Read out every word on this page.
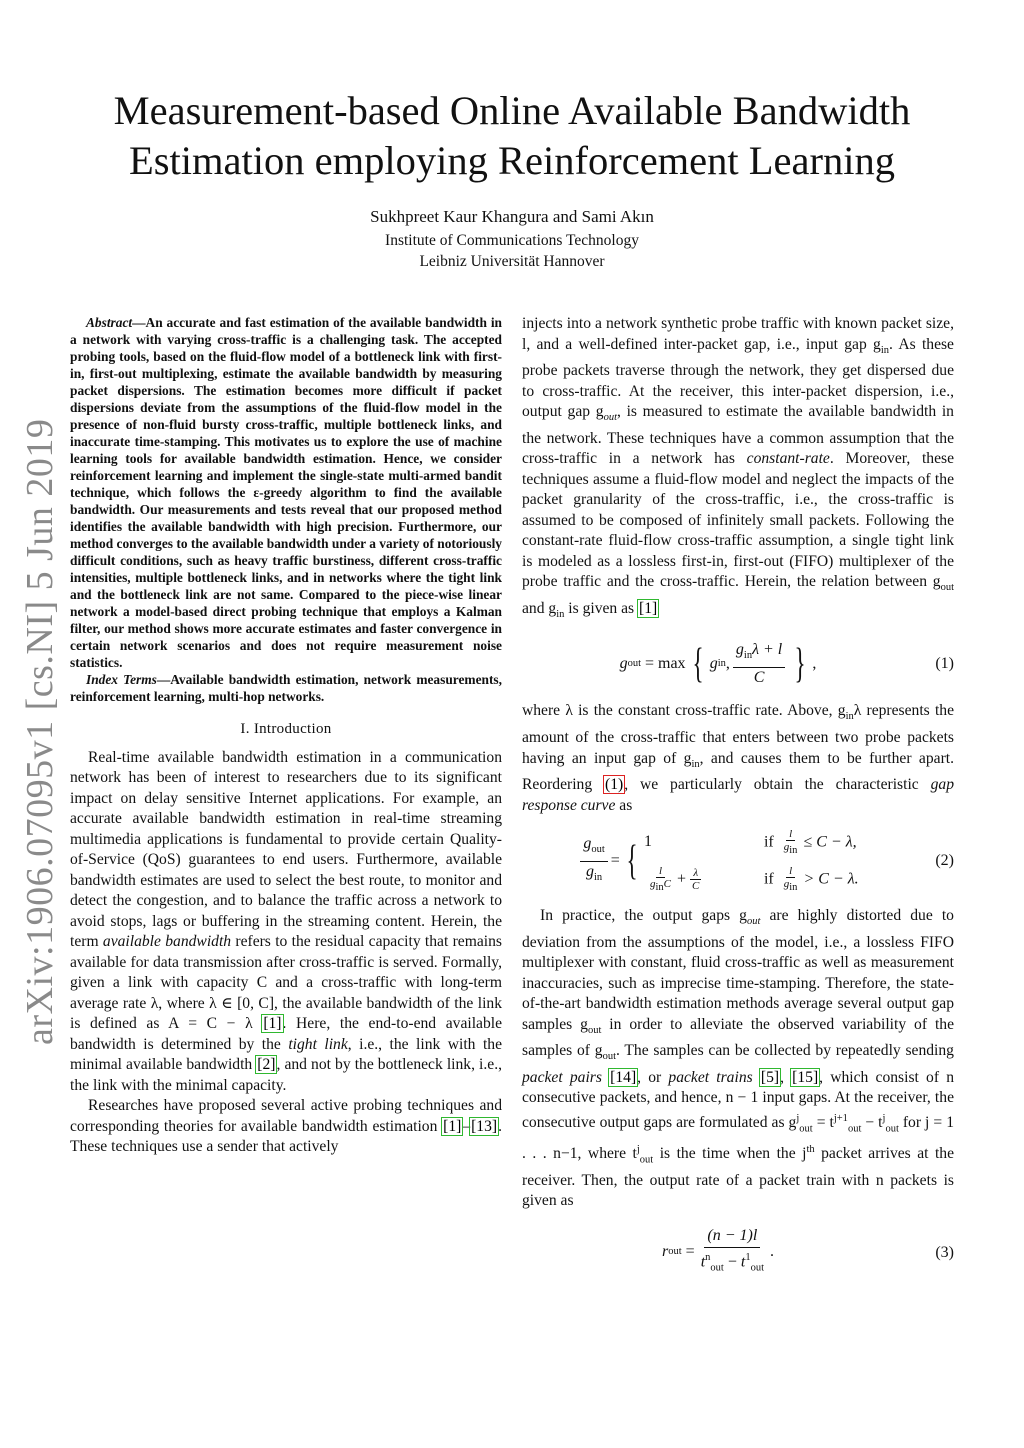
arXiv:1906.07095v1 [cs.NI] 5 Jun 2019
Measurement-based Online Available Bandwidth
Estimation employing Reinforcement Learning
Sukhpreet Kaur Khangura and Sami Akın
Institute of Communications Technology
Leibniz Universität Hannover

Abstract—An accurate and fast estimation of the available bandwidth in a network with varying cross-traffic is a challenging task. The accepted probing tools, based on the fluid-flow model of a bottleneck link with first-in, first-out multiplexing, estimate the available bandwidth by measuring packet dispersions. The estimation becomes more difficult if packet dispersions deviate from the assumptions of the fluid-flow model in the presence of non-fluid bursty cross-traffic, multiple bottleneck links, and inaccurate time-stamping. This motivates us to explore the use of machine learning tools for available bandwidth estimation. Hence, we consider reinforcement learning and implement the single-state multi-armed bandit technique, which follows the ε-greedy algorithm to find the available bandwidth. Our measurements and tests reveal that our proposed method identifies the available bandwidth with high precision. Furthermore, our method converges to the available bandwidth under a variety of notoriously difficult conditions, such as heavy traffic burstiness, different cross-traffic intensities, multiple bottleneck links, and in networks where the tight link and the bottleneck link are not same. Compared to the piece-wise linear network a model-based direct probing technique that employs a Kalman filter, our method shows more accurate estimates and faster convergence in certain network scenarios and does not require measurement noise statistics.

Index Terms—Available bandwidth estimation, network measurements, reinforcement learning, multi-hop networks.

I. Introduction

Real-time available bandwidth estimation in a communication network has been of interest to researchers due to its significant impact on delay sensitive Internet applications. For example, an accurate available bandwidth estimation in real-time streaming multimedia applications is fundamental to provide certain Quality-of-Service (QoS) guarantees to end users. Furthermore, available bandwidth estimates are used to select the best route, to monitor and detect the congestion, and to balance the traffic across a network to avoid stops, lags or buffering in the streaming content. Herein, the term available bandwidth refers to the residual capacity that remains available for data transmission after cross-traffic is served. Formally, given a link with capacity C and a cross-traffic with long-term average rate λ, where λ ∈ [0, C], the available bandwidth of the link is defined as A = C − λ [1]. Here, the end-to-end available bandwidth is determined by the tight link, i.e., the link with the minimal available bandwidth [2], and not by the bottleneck link, i.e., the link with the minimal capacity.

Researches have proposed several active probing techniques and corresponding theories for available bandwidth estimation [1]–[13]. These techniques use a sender that actively

injects into a network synthetic probe traffic with known packet size, l, and a well-defined inter-packet gap, i.e., input gap $g_{in}$. As these probe packets traverse through the network, they get dispersed due to cross-traffic. At the receiver, this inter-packet dispersion, i.e., output gap $g_{out}$, is measured to estimate the available bandwidth in the network. These techniques have a common assumption that the cross-traffic in a network has constant-rate. Moreover, these techniques assume a fluid-flow model and neglect the impacts of the packet granularity of the cross-traffic, i.e., the cross-traffic is assumed to be composed of infinitely small packets. Following the constant-rate fluid-flow cross-traffic assumption, a single tight link is modeled as a lossless first-in, first-out (FIFO) multiplexer of the probe traffic and the cross-traffic. Herein, the relation between $g_{out}$ and $g_{in}$ is given as [1]

g out
= max { g in , $\frac{g_{in}\lambda + l}{C}$ } ,	(1)

where λ is the constant cross-traffic rate. Above, $g_{in}\lambda$ represents the amount of the cross-traffic that enters between two probe packets having an input gap of $g_{in}$, and causes them to be further apart. Reordering (1), we particularly obtain the characteristic gap response curve as

$\frac{g_{out}}{g_{in}}$ = { 1	if $\frac{l}{g_{in}} \le C - \lambda$,
$\frac{l}{g_{in}C} + \frac{\lambda}{C}$	if $\frac{l}{g_{in}} > C - \lambda$.
(2)

In practice, the output gaps $g_{out}$ are highly distorted due to deviation from the assumptions of the model, i.e., a lossless FIFO multiplexer with constant, fluid cross-traffic as well as measurement inaccuracies, such as imprecise time-stamping. Therefore, the state-of-the-art bandwidth estimation methods average several output gap samples $g_{out}$ in order to alleviate the observed variability of the samples of $g_{out}$. The samples can be collected by repeatedly sending packet pairs [14], or packet trains [5], [15], which consist of n consecutive packets, and hence, n − 1 input gaps. At the receiver, the consecutive output gaps are formulated as $g^j_{out} = t^{j+1}_{out} - t^j_{out}$ for j = 1 . . . n−1, where $t^j_{out}$ is the time when the $j^{th}$ packet arrives at the receiver. Then, the output rate of a packet train with n packets is given as

r out
= $\frac{(n - 1)l}{t^n_{out} - t^1_{out}}$ .	(3)
